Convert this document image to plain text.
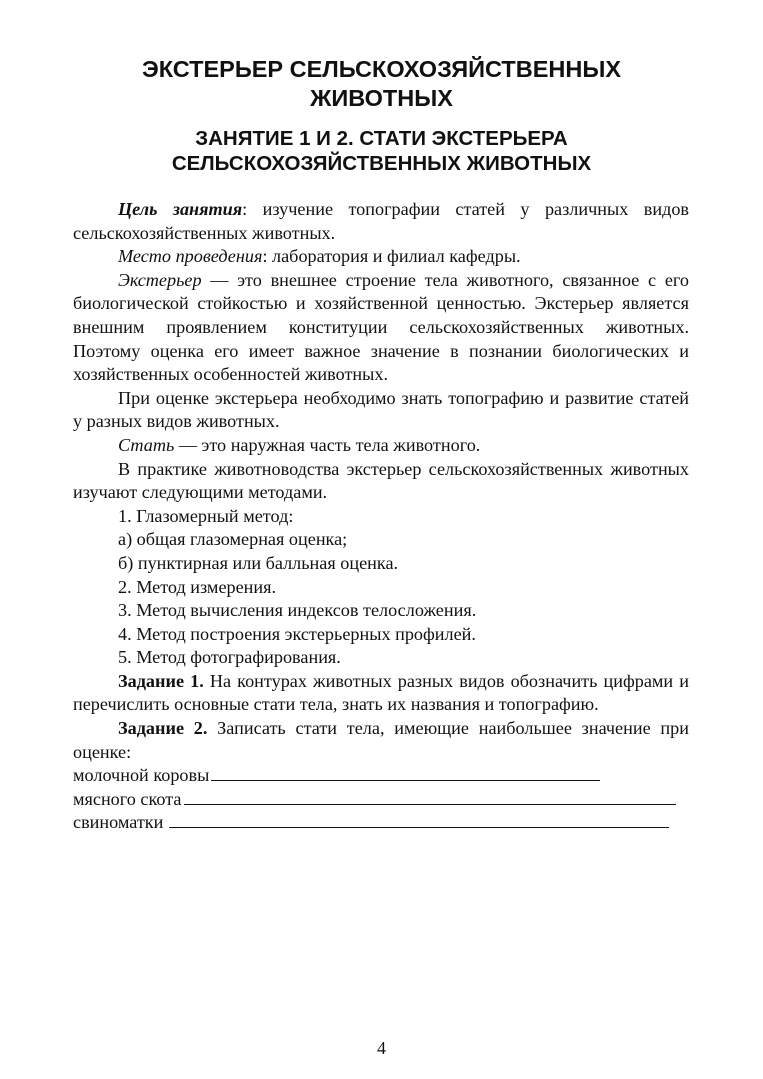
ЭКСТЕРЬЕР СЕЛЬСКОХОЗЯЙСТВЕННЫХ
ЖИВОТНЫХ
ЗАНЯТИЕ 1 И 2. СТАТИ ЭКСТЕРЬЕРА
СЕЛЬСКОХОЗЯЙСТВЕННЫХ ЖИВОТНЫХ

Цель занятия: изучение топографии статей у различных видов сельскохозяйственных животных.

Место проведения: лаборатория и филиал кафедры.

Экстерьер — это внешнее строение тела животного, связанное с его биологической стойкостью и хозяйственной ценностью. Экстерьер является внешним проявлением конституции сельскохозяйственных животных. Поэтому оценка его имеет важное значение в познании биологических и хозяйственных особенностей животных.

При оценке экстерьера необходимо знать топографию и развитие статей у разных видов животных.

Стать — это наружная часть тела животного.

В практике животноводства экстерьер сельскохозяйственных животных изучают следующими методами.

1. Глазомерный метод:

а) общая глазомерная оценка;

б) пунктирная или балльная оценка.

2. Метод измерения.

3. Метод вычисления индексов телосложения.

4. Метод построения экстерьерных профилей.

5. Метод фотографирования.

Задание 1. На контурах животных разных видов обозначить цифрами и перечислить основные стати тела, знать их названия и топографию.

Задание 2. Записать стати тела, имеющие наибольшее значение при оценке:

молочной коровы
мясного скота
свиноматки
4
